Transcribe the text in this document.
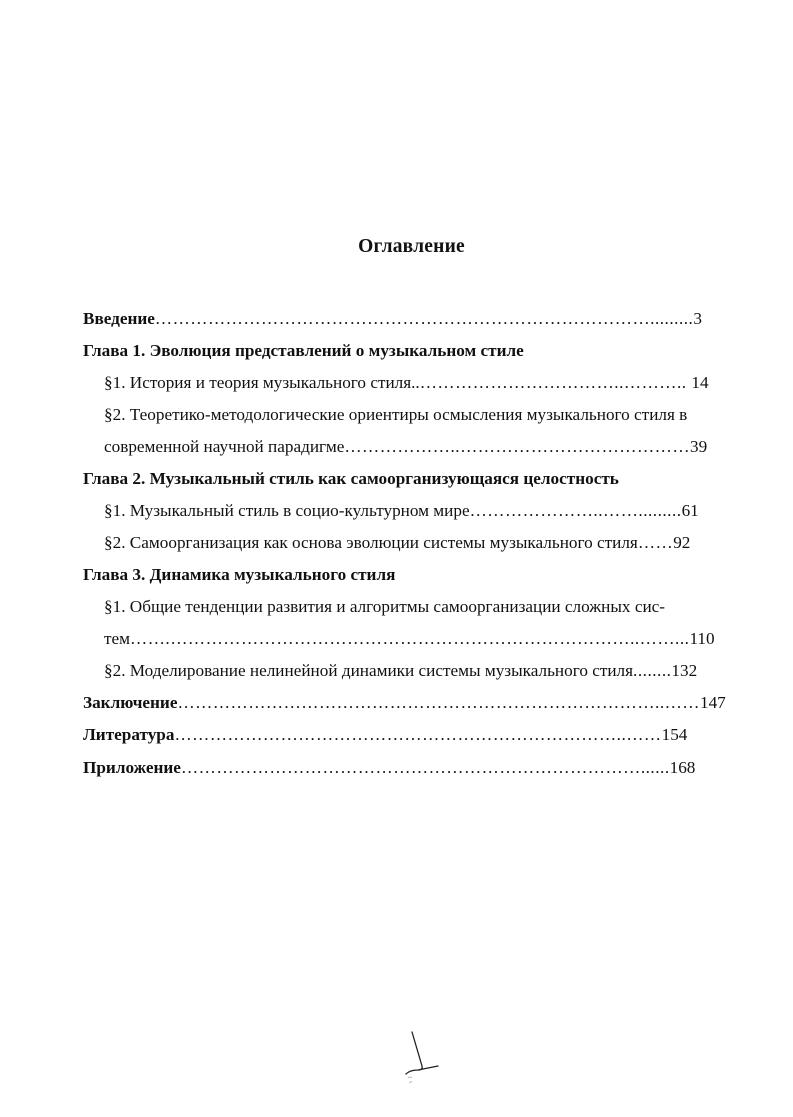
Оглавление
Введение………………………………………………………………………….........3
Глава 1. Эволюция представлений о музыкальном стиле
§1. История и теория музыкального стиля..……………………………..……….. 14
§2. Теоретико-методологические ориентиры осмысления музыкального стиля в
современной научной парадигме………………..…………………………………39
Глава 2. Музыкальный стиль как самоорганизующаяся целостность
§1. Музыкальный стиль в социо-культурном мире…………………..…….........61
§2. Самоорганизация как основа эволюции системы музыкального стиля……92
Глава 3. Динамика музыкального стиля
§1. Общие тенденции развития и алгоритмы самоорганизации сложных сис-
тем…….……………………………………………………………………..……...110
§2. Моделирование нелинейной динамики системы музыкального стиля........132
Заключение………………………………………………………………………..……147
Литература…………………………………………………………………..……154
Приложение……………………………………………………………………......168
